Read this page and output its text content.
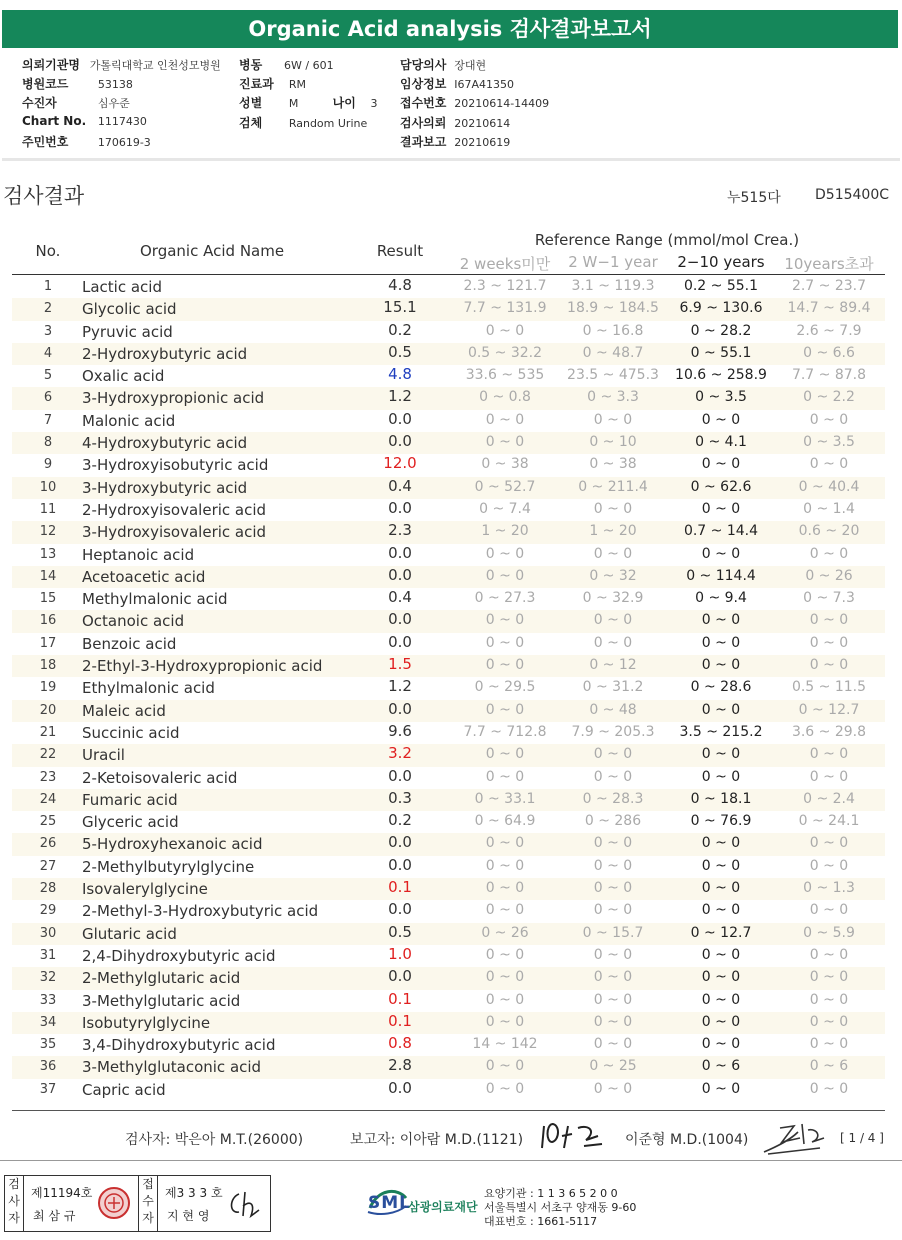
Organic Acid analysis 검사결과보고서
의뢰기관명 가톨릭대학교 인천성모병원 병동 6W / 601	담당의사 장대현
병원코드	53138	진료과 RM	임상정보 I67A41350
수진자	심우준	성별 M	나이 3 접수번호 20210614-14409
Chart No. 1117430	검체 Random Urine	검사의뢰 20210614
주민번호	170619-3	결과보고 20210619
검사결과	누515다 D515400C
No.	Organic Acid Name	Result
Reference Range (mmol/mol Crea.)
2 weeks미만	2 W−1 year	2−10 years	10years초과
1	Lactic acid	4.8	2.3 ~ 121.7	3.1 ~ 119.3	0.2 ~ 55.1	2.7 ~ 23.7
2	Glycolic acid	15.1	7.7 ~ 131.9	18.9 ~ 184.5	6.9 ~ 130.6	14.7 ~ 89.4
3	Pyruvic acid	0.2	0 ~ 0	0 ~ 16.8	0 ~ 28.2	2.6 ~ 7.9
4	2-Hydroxybutyric acid	0.5	0.5 ~ 32.2	0 ~ 48.7	0 ~ 55.1	0 ~ 6.6
5	Oxalic acid	4.8	33.6 ~ 535	23.5 ~ 475.3	10.6 ~ 258.9	7.7 ~ 87.8
6	3-Hydroxypropionic acid	1.2	0 ~ 0.8	0 ~ 3.3	0 ~ 3.5	0 ~ 2.2
7	Malonic acid	0.0	0 ~ 0	0 ~ 0	0 ~ 0	0 ~ 0
8	4-Hydroxybutyric acid	0.0	0 ~ 0	0 ~ 10	0 ~ 4.1	0 ~ 3.5
9	3-Hydroxyisobutyric acid	12.0	0 ~ 38	0 ~ 38	0 ~ 0	0 ~ 0
10	3-Hydroxybutyric acid	0.4	0 ~ 52.7	0 ~ 211.4	0 ~ 62.6	0 ~ 40.4
11	2-Hydroxyisovaleric acid	0.0	0 ~ 7.4	0 ~ 0	0 ~ 0	0 ~ 1.4
12	3-Hydroxyisovaleric acid	2.3	1 ~ 20	1 ~ 20	0.7 ~ 14.4	0.6 ~ 20
13	Heptanoic acid	0.0	0 ~ 0	0 ~ 0	0 ~ 0	0 ~ 0
14	Acetoacetic acid	0.0	0 ~ 0	0 ~ 32	0 ~ 114.4	0 ~ 26
15	Methylmalonic acid	0.4	0 ~ 27.3	0 ~ 32.9	0 ~ 9.4	0 ~ 7.3
16	Octanoic acid	0.0	0 ~ 0	0 ~ 0	0 ~ 0	0 ~ 0
17	Benzoic acid	0.0	0 ~ 0	0 ~ 0	0 ~ 0	0 ~ 0
18	2-Ethyl-3-Hydroxypropionic acid	1.5	0 ~ 0	0 ~ 12	0 ~ 0	0 ~ 0
19	Ethylmalonic acid	1.2	0 ~ 29.5	0 ~ 31.2	0 ~ 28.6	0.5 ~ 11.5
20	Maleic acid	0.0	0 ~ 0	0 ~ 48	0 ~ 0	0 ~ 12.7
21	Succinic acid	9.6	7.7 ~ 712.8	7.9 ~ 205.3	3.5 ~ 215.2	3.6 ~ 29.8
22	Uracil	3.2	0 ~ 0	0 ~ 0	0 ~ 0	0 ~ 0
23	2-Ketoisovaleric acid	0.0	0 ~ 0	0 ~ 0	0 ~ 0	0 ~ 0
24	Fumaric acid	0.3	0 ~ 33.1	0 ~ 28.3	0 ~ 18.1	0 ~ 2.4
25	Glyceric acid	0.2	0 ~ 64.9	0 ~ 286	0 ~ 76.9	0 ~ 24.1
26	5-Hydroxyhexanoic acid	0.0	0 ~ 0	0 ~ 0	0 ~ 0	0 ~ 0
27	2-Methylbutyrylglycine	0.0	0 ~ 0	0 ~ 0	0 ~ 0	0 ~ 0
28	Isovalerylglycine	0.1	0 ~ 0	0 ~ 0	0 ~ 0	0 ~ 1.3
29	2-Methyl-3-Hydroxybutyric acid	0.0	0 ~ 0	0 ~ 0	0 ~ 0	0 ~ 0
30	Glutaric acid	0.5	0 ~ 26	0 ~ 15.7	0 ~ 12.7	0 ~ 5.9
31	2,4-Dihydroxybutyric acid	1.0	0 ~ 0	0 ~ 0	0 ~ 0	0 ~ 0
32	2-Methylglutaric acid	0.0	0 ~ 0	0 ~ 0	0 ~ 0	0 ~ 0
33	3-Methylglutaric acid	0.1	0 ~ 0	0 ~ 0	0 ~ 0	0 ~ 0
34	Isobutyrylglycine	0.1	0 ~ 0	0 ~ 0	0 ~ 0	0 ~ 0
35	3,4-Dihydroxybutyric acid	0.8	14 ~ 142	0 ~ 0	0 ~ 0	0 ~ 0
36	3-Methylglutaconic acid	2.8	0 ~ 0	0 ~ 25	0 ~ 6	0 ~ 6
37	Capric acid	0.0	0 ~ 0	0 ~ 0	0 ~ 0	0 ~ 0
검사자: 박은아 M.T.(26000)	보고자: 이아람 M.D.(1121)	이준형 M.D.(1004)	[ 1 / 4 ]
검사자
제11194호
최 삼 규
접수자
제3 3 3 호
지 현 영
SML
삼광의료재단
요양기관 : 1 1 3 6 5 2 0 0
서울특별시 서초구 양재동 9-60
대표번호 : 1661-5117
